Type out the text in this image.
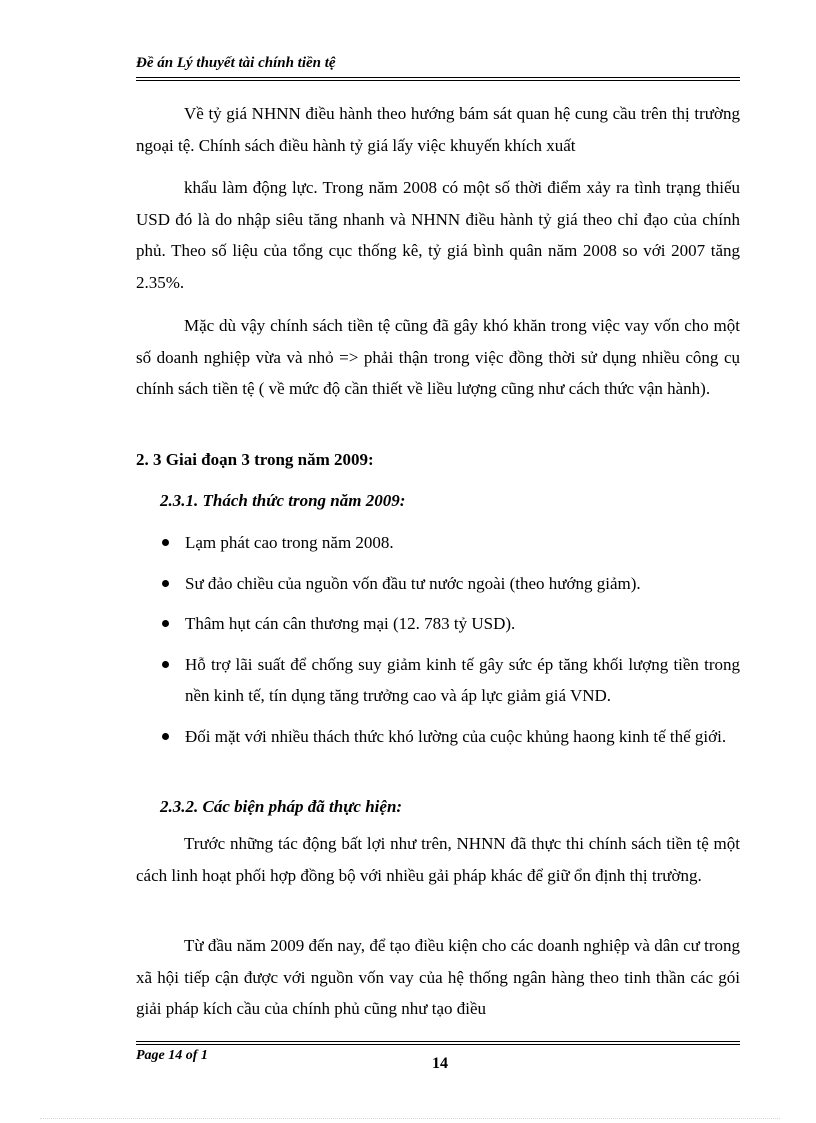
Đề án Lý thuyết tài chính tiền tệ

Về tỷ giá NHNN điều hành theo hướng bám sát quan hệ cung cầu trên thị trường ngoại tệ. Chính sách điều hành tỷ giá lấy việc khuyến khích xuất

khẩu làm động lực. Trong năm 2008 có một số thời điểm xảy ra tình trạng thiếu USD đó là do nhập siêu tăng nhanh và NHNN điều hành tỷ giá theo chỉ đạo của chính phủ. Theo số liệu của tổng cục thống kê, tỷ giá bình quân năm 2008 so với 2007 tăng 2.35%.

Mặc dù vậy chính sách tiền tệ cũng đã gây khó khăn trong việc vay vốn cho một số doanh nghiệp vừa và nhỏ => phải thận trong việc đồng thời sử dụng nhiều công cụ chính sách tiền tệ ( về mức độ cần thiết về liều lượng cũng như cách thức vận hành).

2. 3 Giai đoạn 3 trong năm 2009:

2.3.1. Thách thức trong năm 2009:

Lạm phát cao trong năm 2008.
Sư đảo chiều của nguồn vốn đầu tư nước ngoài (theo hướng giảm).
Thâm hụt cán cân thương mại (12. 783 tỷ USD).
Hỗ trợ lãi suất để chống suy giảm kinh tế gây sức ép tăng khối lượng tiền trong nền kinh tế, tín dụng tăng trưởng cao và áp lực giảm giá VND.
Đối mặt với nhiều thách thức khó lường của cuộc khủng haong kinh tế thế giới.

2.3.2. Các biện pháp đã thực hiện:

Trước những tác động bất lợi như trên, NHNN đã thực thi chính sách tiền tệ một cách linh hoạt phối hợp đồng bộ với nhiều gải pháp khác để giữ ổn định thị trường.

Từ đầu năm 2009 đến nay, để tạo điều kiện cho các doanh nghiệp và dân cư trong xã hội tiếp cận được với nguồn vốn vay của hệ thống ngân hàng theo tinh thần các gói giải pháp kích cầu của chính phủ cũng như tạo điều

Page 14 of 1	14
